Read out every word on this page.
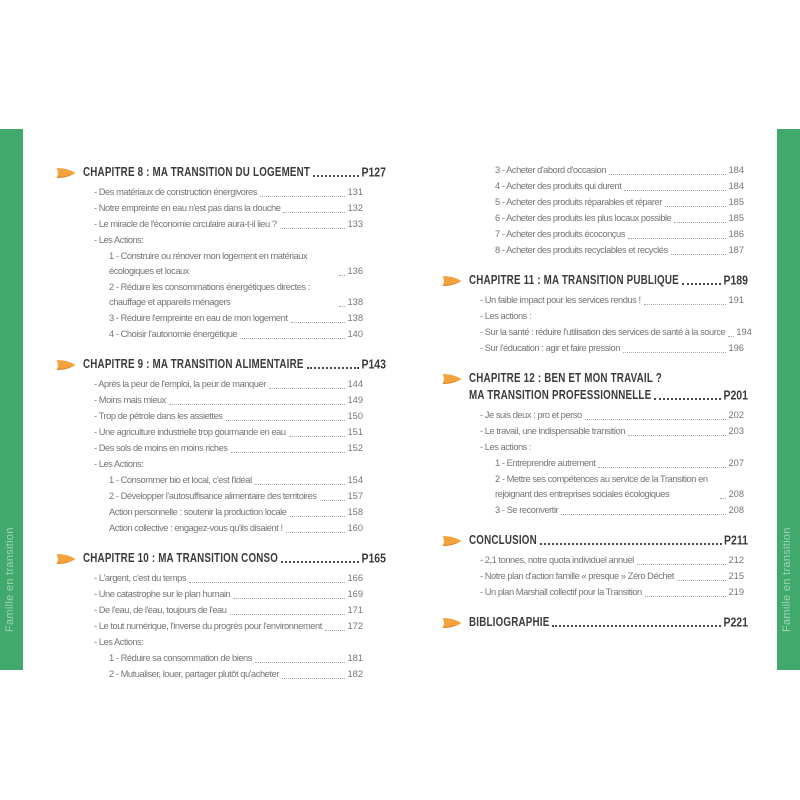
Famille en transition	Famille en transition
CHAPITRE 8 : MA TRANSITION DU LOGEMENT	P127
- Des matériaux de construction énergivores	131
- Notre empreinte en eau n'est pas dans la douche	132
- Le miracle de l'économie circulaire aura-t-il lieu ?	133
- Les Actions:
1 - Construire ou rénover mon logement en matériaux écologiques et locaux	136
2 - Réduire les consommations énergétiques directes : chauffage et appareils ménagers	138
3 - Réduire l'empreinte en eau de mon logement	138
4 - Choisir l'autonomie énergétique	140
CHAPITRE 9 : MA TRANSITION ALIMENTAIRE	P143
- Après la peur de l'emploi, la peur de manquer	144
- Moins mais mieux	149
- Trop de pétrole dans les assiettes	150
- Une agriculture industrielle trop gourmande en eau	151
- Des sols de moins en moins riches	152
- Les Actions:
1 - Consommer bio et local, c'est l'idéal	154
2 - Développer l'autosuffisance alimentaire des territoires	157
Action personnelle : soutenir la production locale	158
Action collective : engagez-vous qu'ils disaient !	160
CHAPITRE 10 : MA TRANSITION CONSO	P165
- L'argent, c'est du temps	166
- Une catastrophe sur le plan humain	169
- De l'eau, de l'eau, toujours de l'eau	171
- Le tout numérique, l'inverse du progrès pour l'environnement	172
- Les Actions:
1 - Réduire sa consommation de biens	181
2 - Mutualiser, louer, partager plutôt qu'acheter	182
3 - Acheter d'abord d'occasion	184
4 - Acheter des produits qui durent	184
5 - Acheter des produits réparables et réparer	185
6 - Acheter des produits les plus locaux possible	185
7 - Acheter des produits écoconçus	186
8 - Acheter des produits recyclables et recyclés	187
CHAPITRE 11 : MA TRANSITION PUBLIQUE	P189
- Un faible impact pour les services rendus !	191
- Les actions :
- Sur la santé : réduire l'utilisation des services de santé à la source 194
- Sur l'éducation : agir et faire pression	196
CHAPITRE 12 : BEN ET MON TRAVAIL ?
MA TRANSITION PROFESSIONNELLE	P201
- Je suis deux : pro et perso	202
- Le travail, une indispensable transition	203
- Les actions :
1 - Entreprendre autrement	207
2 - Mettre ses compétences au service de la Transition en rejoignant des entreprises sociales écologiques	208
3 - Se reconvertir	208
CONCLUSION	P211
- 2,1 tonnes, notre quota individuel annuel	212
- Notre plan d'action famille « presque » Zéro Déchet	215
- Un plan Marshall collectif pour la Transition	219
BIBLIOGRAPHIE	P221
